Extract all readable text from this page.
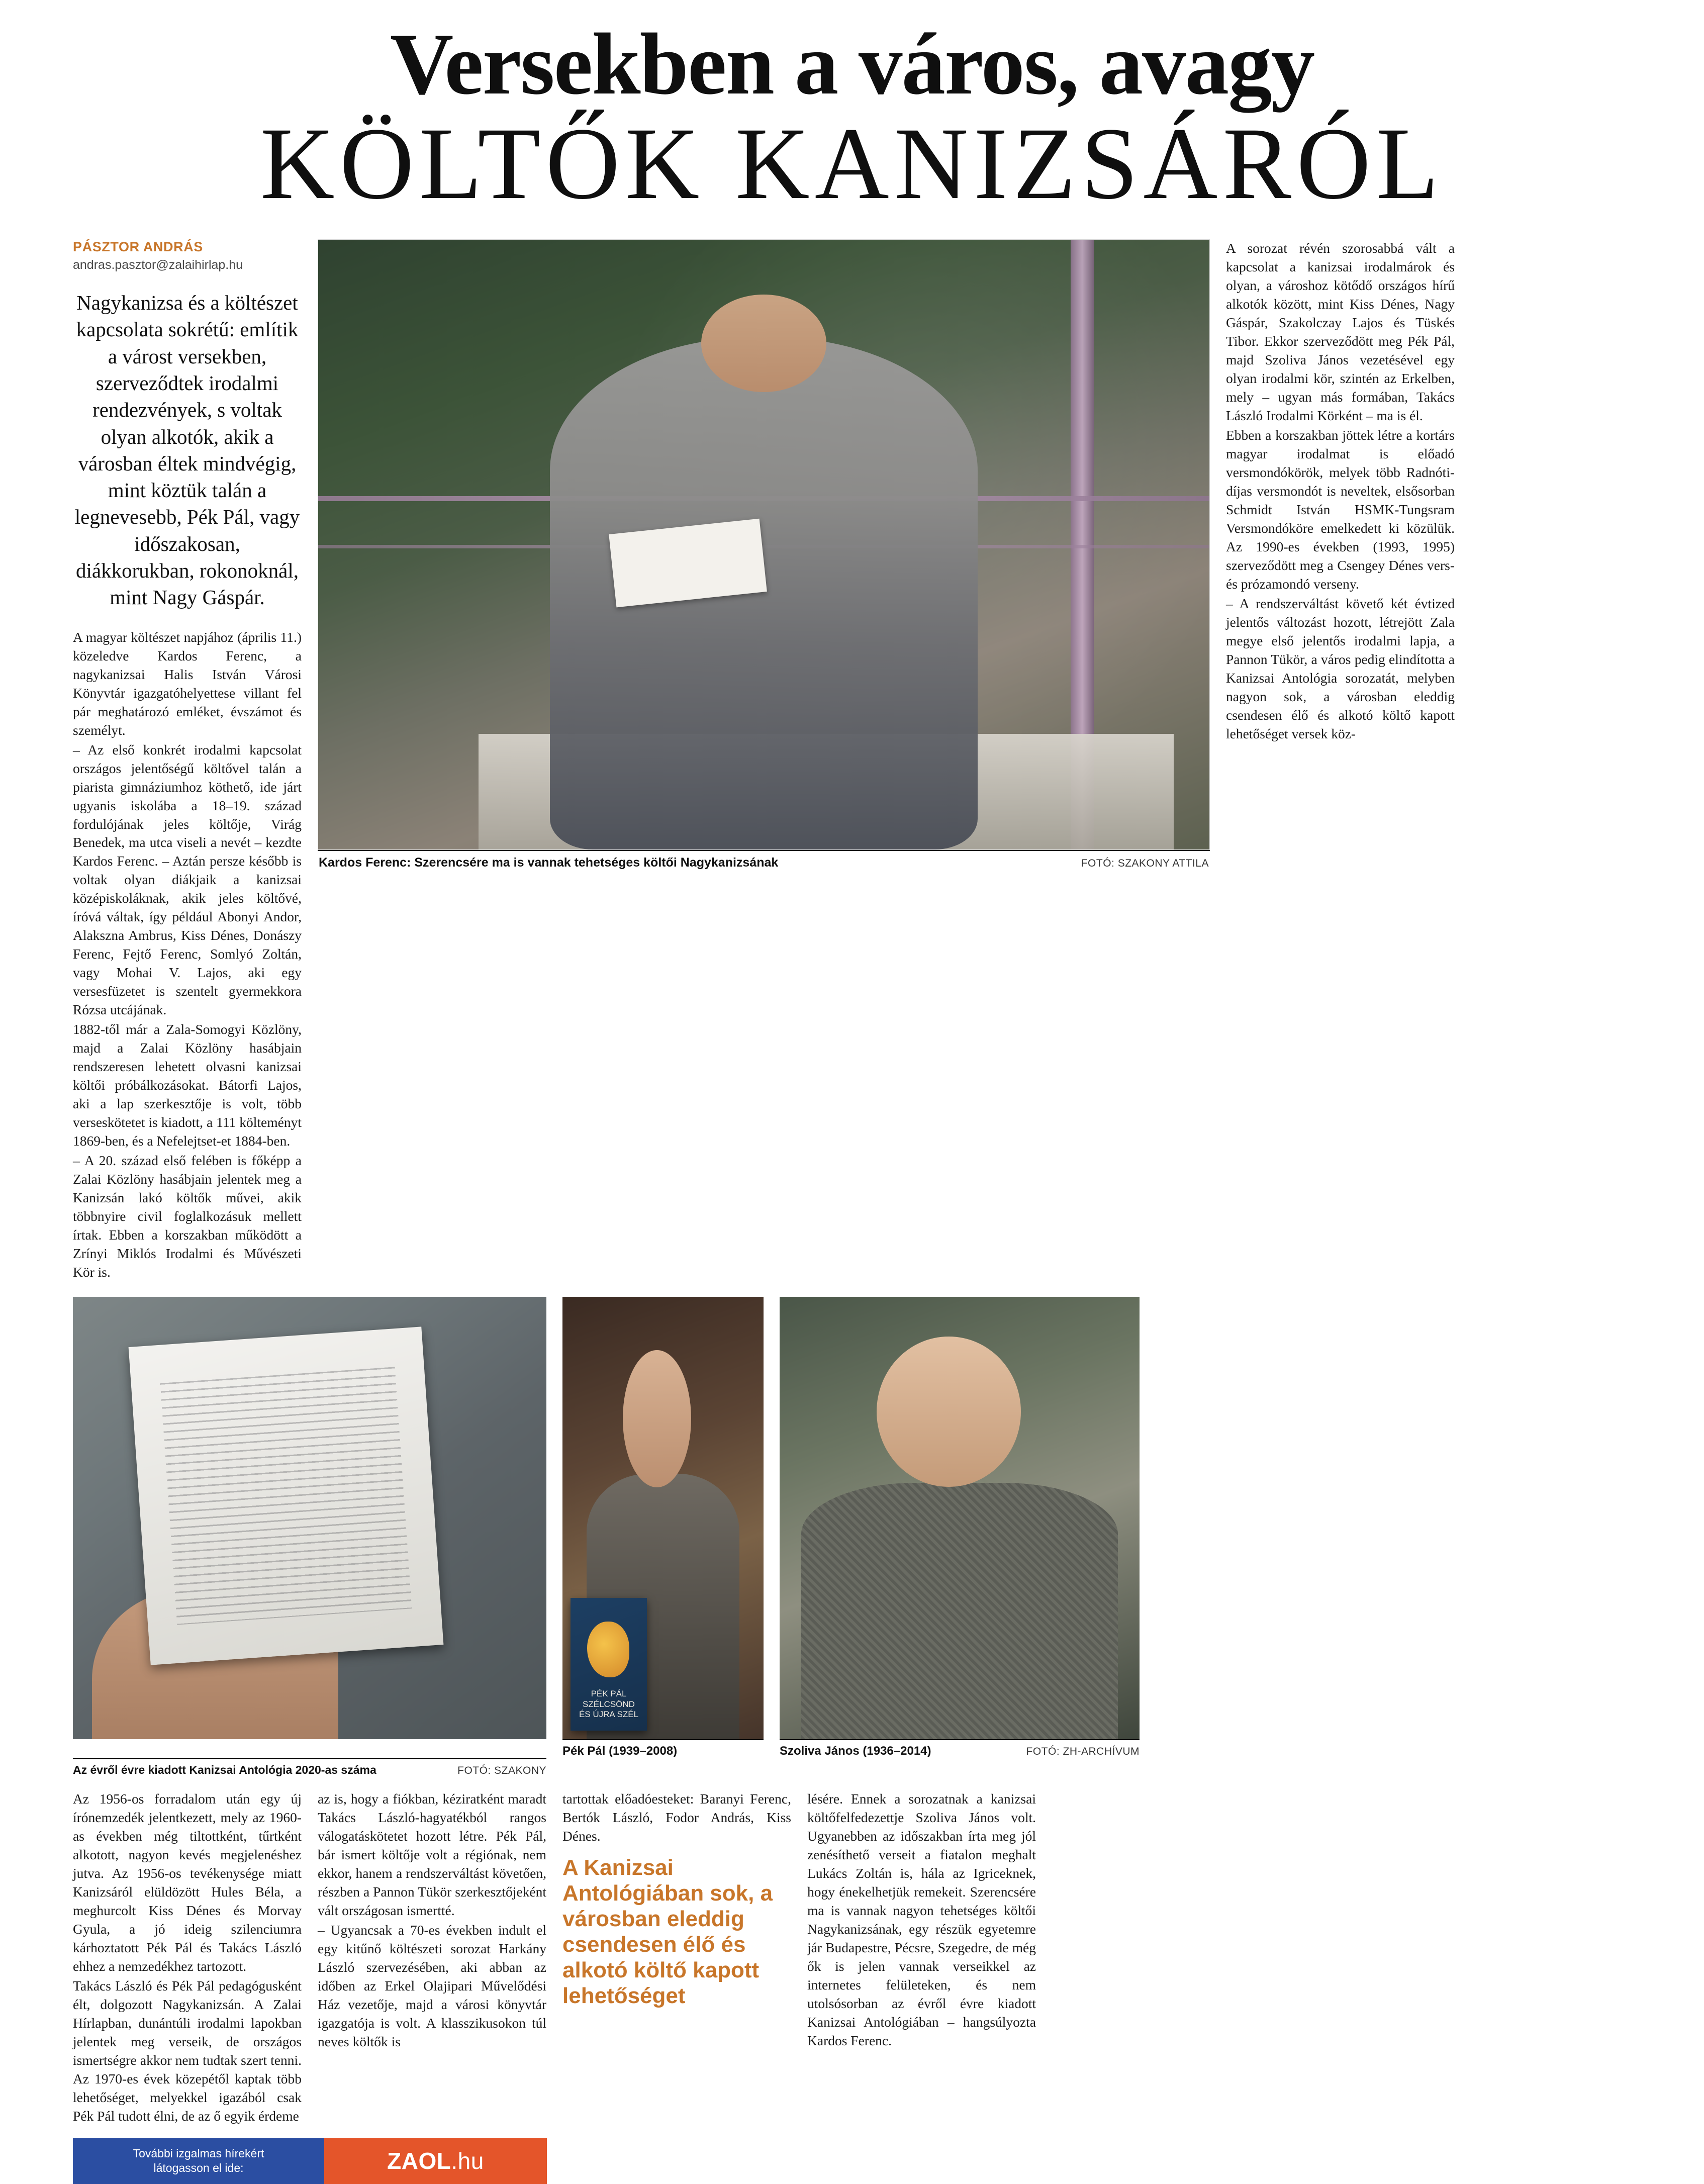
Versekben a város, avagy
KÖLTŐK KANIZSÁRÓL
PÁSZTOR ANDRÁS
andras.pasztor@zalaihirlap.hu
Nagykanizsa és a költészet kapcsolata sokrétű: említik a várost versekben, szerveződtek irodalmi rendezvények, s voltak olyan alkotók, akik a városban éltek mindvégig, mint köztük talán a legnevesebb, Pék Pál, vagy időszakosan, diákkorukban, rokonoknál, mint Nagy Gáspár.

A magyar költészet napjához (április 11.) közeledve Kardos Ferenc, a nagykanizsai Halis István Városi Könyvtár igazgatóhelyettese villant fel pár meghatározó emléket, évszámot és személyt.

– Az első konkrét irodalmi kapcsolat országos jelentőségű költővel talán a piarista gimnáziumhoz köthető, ide járt ugyanis iskolába a 18–19. század fordulójának jeles költője, Virág Benedek, ma utca viseli a nevét – kezdte Kardos Ferenc. – Aztán persze később is voltak olyan diákjaik a kanizsai középiskoláknak, akik jeles költővé, íróvá váltak, így például Abonyi Andor, Alakszna Ambrus, Kiss Dénes, Donászy Ferenc, Fejtő Ferenc, Somlyó Zoltán, vagy Mohai V. Lajos, aki egy versesfüzetet is szentelt gyermekkora Rózsa utcájának.

1882-től már a Zala-Somogyi Közlöny, majd a Zalai Közlöny hasábjain rendszeresen lehetett olvasni kanizsai költői próbálkozásokat. Bátorfi Lajos, aki a lap szerkesztője is volt, több verseskötetet is kiadott, a 111 költeményt 1869-ben, és a Nefelejtset-et 1884-ben.

– A 20. század első felében is főképp a Zalai Közlöny hasábjain jelentek meg a Kanizsán lakó költők művei, akik többnyire civil foglalkozásuk mellett írtak. Ebben a korszakban működött a Zrínyi Miklós Irodalmi és Művészeti Kör is.

Kardos Ferenc: Szerencsére ma is vannak tehetséges költői Nagykanizsának	FOTÓ: SZAKONY ATTILA

A sorozat révén szorosabbá vált a kapcsolat a kanizsai irodalmárok és olyan, a városhoz kötődő országos hírű alkotók között, mint Kiss Dénes, Nagy Gáspár, Szakolczay Lajos és Tüskés Tibor. Ekkor szerveződött meg Pék Pál, majd Szoliva János vezetésével egy olyan irodalmi kör, szintén az Erkelben, mely – ugyan más formában, Takács László Irodalmi Körként – ma is él.

Ebben a korszakban jöttek létre a kortárs magyar irodalmat is előadó versmondókörök, melyek több Radnóti-díjas versmondót is neveltek, elsősorban Schmidt István HSMK-Tungsram Versmondóköre emelkedett ki közülük. Az 1990-es években (1993, 1995) szerveződött meg a Csengey Dénes vers- és prózamondó verseny.

– A rendszerváltást követő két évtized jelentős változást hozott, létrejött Zala megye első jelentős irodalmi lapja, a Pannon Tükör, a város pedig elindította a Kanizsai Antológia sorozatát, melyben nagyon sok, a városban eleddig csendesen élő és alkotó költő kapott lehetőséget versek köz-

PÉK PÁL SZÉLCSÖND ÉS ÚJRA SZÉL
Pék Pál (1939–2008)	Szoliva János (1936–2014)	FOTÓ: ZH-ARCHÍVUM
Az évről évre kiadott Kanizsai Antológia 2020-as száma	FOTÓ: SZAKONY

Az 1956-os forradalom után egy új írónemzedék jelentkezett, mely az 1960-as években még tiltottként, tűrtként alkotott, nagyon kevés megjelenéshez jutva. Az 1956-os tevékenysége miatt Kanizsáról elüldözött Hules Béla, a meghurcolt Kiss Dénes és Morvay Gyula, a jó ideig szilenciumra kárhoztatott Pék Pál és Takács László ehhez a nemzedékhez tartozott.

Takács László és Pék Pál pedagógusként élt, dolgozott Nagykanizsán. A Zalai Hírlapban, dunántúli irodalmi lapokban jelentek meg verseik, de országos ismertségre akkor nem tudtak szert tenni. Az 1970-es évek közepétől kaptak több lehetőséget, melyekkel igazából csak Pék Pál tudott élni, de az ő egyik érdeme

az is, hogy a fiókban, kéziratként maradt Takács László-hagyatékból rangos válogatáskötetet hozott létre. Pék Pál, bár ismert költője volt a régiónak, nem ekkor, hanem a rendszerváltást követően, részben a Pannon Tükör szerkesztőjeként vált országosan ismertté.

– Ugyancsak a 70-es években indult el egy kitűnő költészeti sorozat Harkány László szervezésében, aki abban az időben az Erkel Olajipari Művelődési Ház vezetője, majd a városi könyvtár igazgatója is volt. A klasszikusokon túl neves költők is

tartottak előadóesteket: Baranyi Ferenc, Bertók László, Fodor András, Kiss Dénes.

A Kanizsai Antológiában sok, a városban eleddig csendesen élő és alkotó költő kapott lehetőséget

lésére. Ennek a sorozatnak a kanizsai költőfelfedezettje Szoliva János volt. Ugyanebben az időszakban írta meg jól zenésíthető verseit a fiatalon meghalt Lukács Zoltán is, hála az Igriceknek, hogy énekelhetjük remekeit. Szerencsére ma is vannak nagyon tehetséges költői Nagykanizsának, egy részük egyetemre jár Budapestre, Pécsre, Szegedre, de még ők is jelen vannak verseikkel az internetes felületeken, és nem utolsósorban az évről évre kiadott Kanizsai Antológiában – hangsúlyozta Kardos Ferenc.

További izgalmas hírekért
látogasson el ide:	ZAOL .hu
